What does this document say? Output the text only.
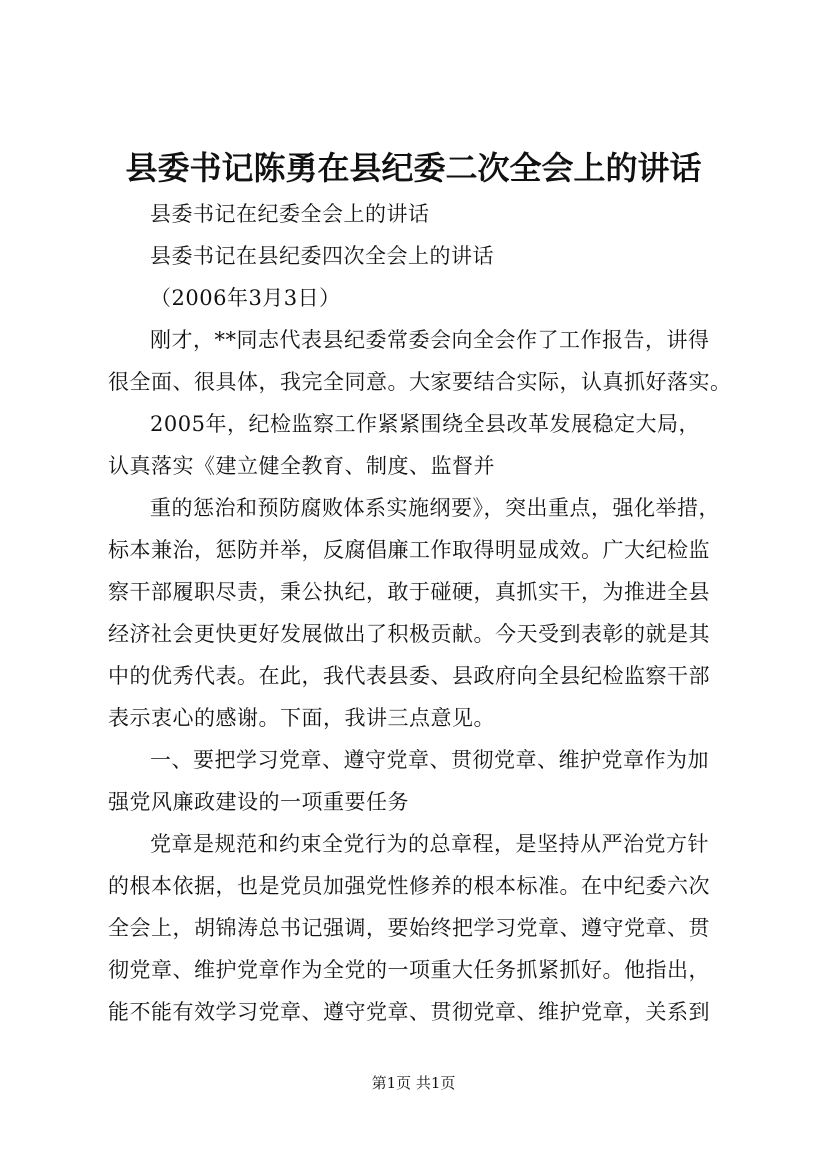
县委书记陈勇在县纪委二次全会上的讲话
县委书记在纪委全会上的讲话
县委书记在县纪委四次全会上的讲话
（2006年3月3日）
刚才，**同志代表县纪委常委会向全会作了工作报告，讲得
很全面、很具体，我完全同意。大家要结合实际，认真抓好落实。
2005年，纪检监察工作紧紧围绕全县改革发展稳定大局，
认真落实《建立健全教育、制度、监督并
重的惩治和预防腐败体系实施纲要》，突出重点，强化举措，
标本兼治，惩防并举，反腐倡廉工作取得明显成效。广大纪检监
察干部履职尽责，秉公执纪，敢于碰硬，真抓实干，为推进全县
经济社会更快更好发展做出了积极贡献。今天受到表彰的就是其
中的优秀代表。在此，我代表县委、县政府向全县纪检监察干部
表示衷心的感谢。下面，我讲三点意见。
一、要把学习党章、遵守党章、贯彻党章、维护党章作为加
强党风廉政建设的一项重要任务
党章是规范和约束全党行为的总章程，是坚持从严治党方针
的根本依据，也是党员加强党性修养的根本标准。在中纪委六次
全会上，胡锦涛总书记强调，要始终把学习党章、遵守党章、贯
彻党章、维护党章作为全党的一项重大任务抓紧抓好。他指出，
能不能有效学习党章、遵守党章、贯彻党章、维护党章，关系到
第1页 共1页
